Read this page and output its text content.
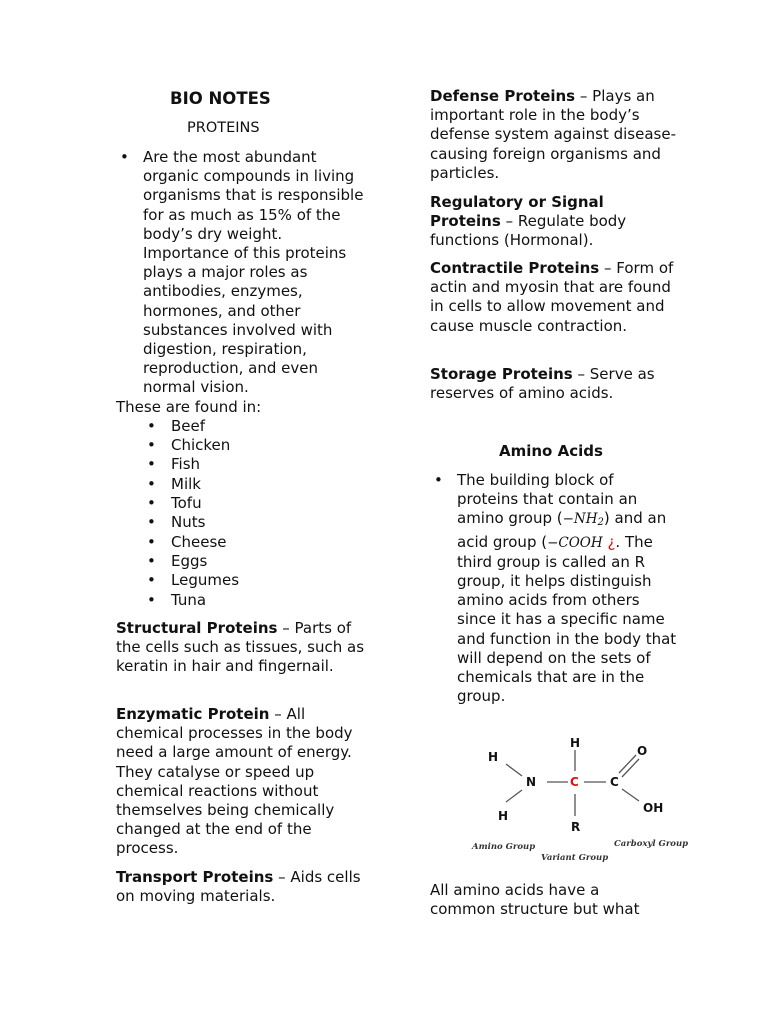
BIO NOTES
PROTEINS
• Are the most abundant organic compounds in living organisms that is responsible for as much as 15% of the body’s dry weight. Importance of this proteins plays a major roles as antibodies, enzymes, hormones, and other substances involved with digestion, respiration, reproduction, and even normal vision.

These are found in:

• Beef
• Chicken
• Fish
• Milk
• Tofu
• Nuts
• Cheese
• Eggs
• Legumes
• Tuna

Structural Proteins – Parts of the cells such as tissues, such as keratin in hair and fingernail.

Enzymatic Protein – All chemical processes in the body need a large amount of energy. They catalyse or speed up chemical reactions without themselves being chemically changed at the end of the process.

Transport Proteins – Aids cells on moving materials.

Defense Proteins – Plays an important role in the body’s defense system against disease-causing foreign organisms and particles.

Regulatory or Signal Proteins – Regulate body functions (Hormonal).

Contractile Proteins – Form of actin and myosin that are found in cells to allow movement and cause muscle contraction.

Storage Proteins – Serve as reserves of amino acids.

Amino Acids
• The building block of proteins that contain an amino group (−NH2) and an acid group (−COOH ¿. The third group is called an R group, it helps distinguish amino acids from others since it has a specific name and function in the body that will depend on the sets of chemicals that are in the group.
H
H
N
H
C
R
C
O
OH
Amino Group
Variant Group
Carboxyl Group

All amino acids have a common structure but what
